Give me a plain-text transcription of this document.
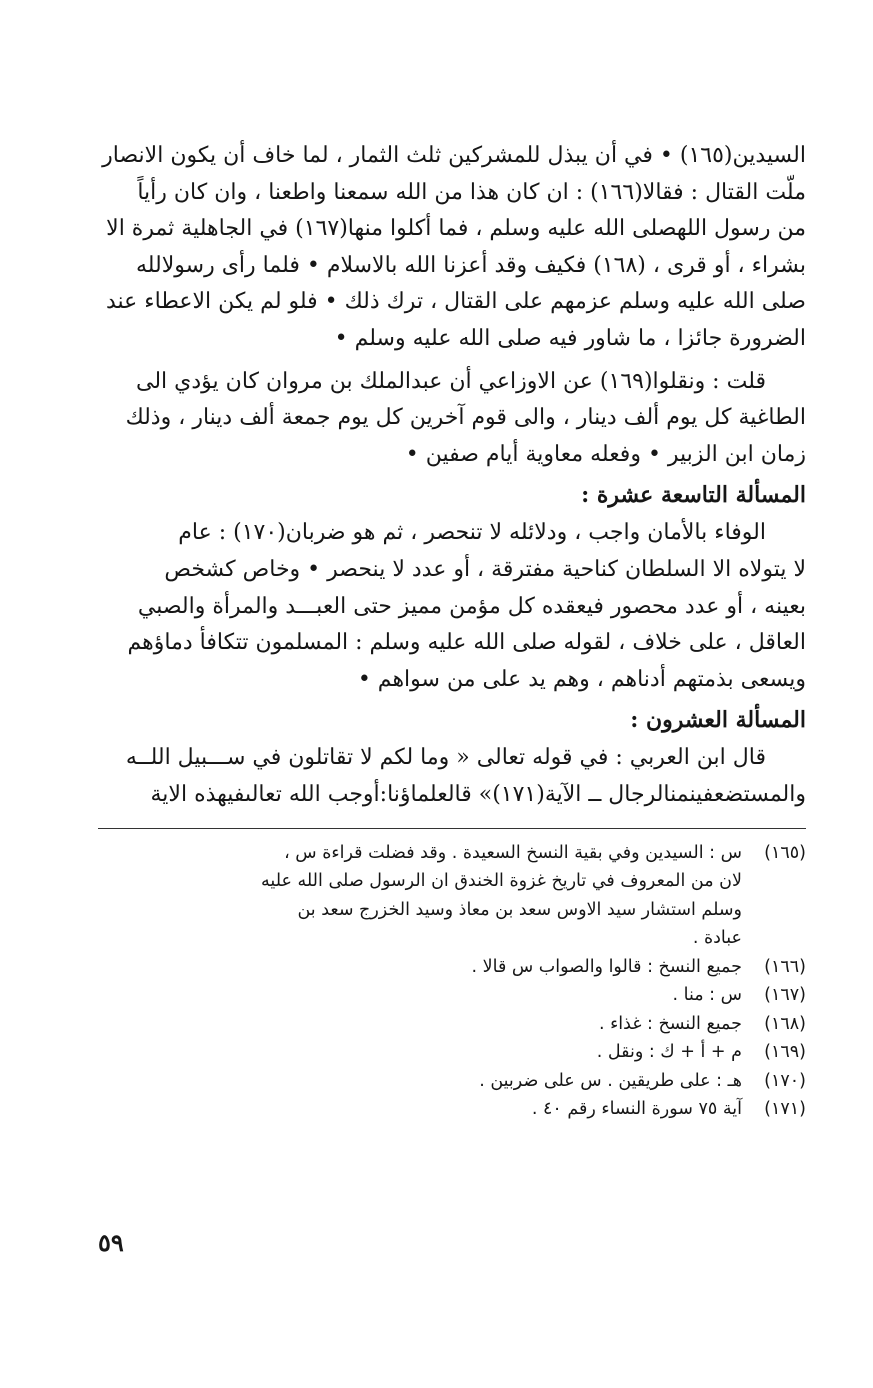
السيدين(١٦٥) • في أن يبذل للمشركين ثلث الثمار ، لما خاف أن يكون الانصار

ملّت القتال : فقالا(١٦٦) : ان كان هذا من الله سمعنا واطعنا ، وان كان رأياً

من رسول اللهصلى الله عليه وسلم ، فما أكلوا منها(١٦٧) في الجاهلية ثمرة الا

بشراء ، أو قرى ، (١٦٨) فكيف وقد أعزنا الله بالاسلام • فلما رأى رسولالله

صلى الله عليه وسلم عزمهم على القتال ، ترك ذلك • فلو لم يكن الاعطاء عند

الضرورة جائزا ، ما شاور فيه صلى الله عليه وسلم •

قلت : ونقلوا(١٦٩) عن الاوزاعي أن عبدالملك بن مروان كان يؤدي الى

الطاغية كل يوم ألف دينار ، والى قوم آخرين كل يوم جمعة ألف دينار ، وذلك

زمان ابن الزبير • وفعله معاوية أيام صفين •

المسألة التاسعة عشرة :

الوفاء بالأمان واجب ، ودلائله لا تنحصر ، ثم هو ضربان(١٧٠) : عام

لا يتولاه الا السلطان كناحية مفترقة ، أو عدد لا ينحصر • وخاص كشخص

بعينه ، أو عدد محصور فيعقده كل مؤمن مميز حتى العبـــد والمرأة والصبي

العاقل ، على خلاف ، لقوله صلى الله عليه وسلم : المسلمون تتكافأ دماؤهم

ويسعى بذمتهم أدناهم ، وهم يد على من سواهم •

المسألة العشرون :

قال ابن العربي : في قوله تعالى « وما لكم لا تقاتلون في ســـبيل اللــه

والمستضعفينمنالرجال ــ الآية(١٧١)» قالعلماؤنا:أوجب الله تعالىفيهذه الاية

(١٦٥)
س : السيدين وفي بقية النسخ السعيدة . وقد فضلت قراءة س ،
لان من المعروف في تاريخ غزوة الخندق ان الرسول صلى الله عليه
وسلم استشار سيد الاوس سعد بن معاذ وسيد الخزرج سعد بن
عبادة .
(١٦٦)
جميع النسخ : قالوا والصواب س قالا .
(١٦٧)
س : منا .
(١٦٨)
جميع النسخ : غذاء .
(١٦٩)
م + أ + ك : ونقل .
(١٧٠)
هـ : على طريقين . س على ضربين .
(١٧١)
آية ٧٥ سورة النساء رقم ٤٠ .
٥٩
